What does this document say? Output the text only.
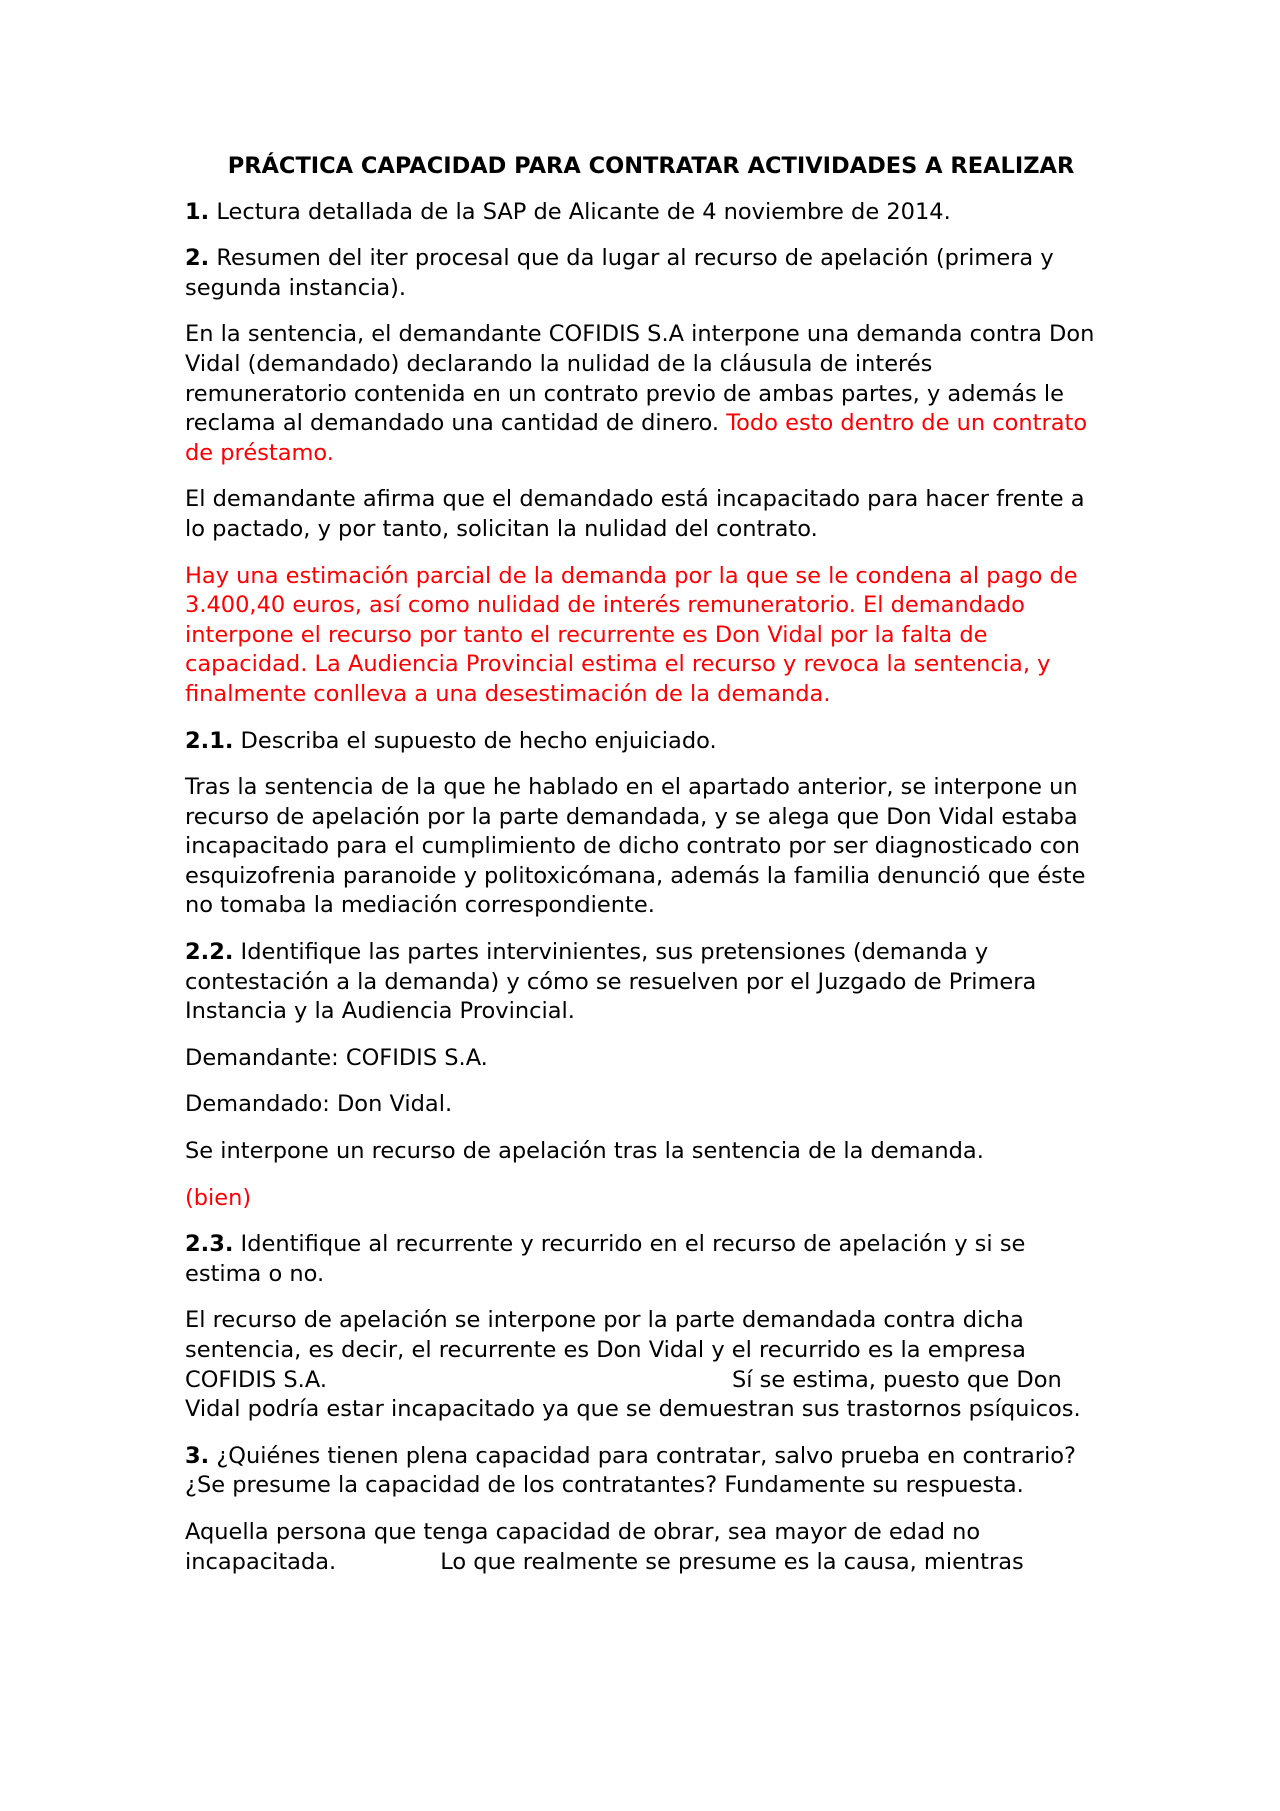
PRÁCTICA CAPACIDAD PARA CONTRATAR ACTIVIDADES A REALIZAR

1. Lectura detallada de la SAP de Alicante de 4 noviembre de 2014.

2. Resumen del iter procesal que da lugar al recurso de apelación (primera y segunda instancia).

En la sentencia, el demandante COFIDIS S.A interpone una demanda contra Don Vidal (demandado) declarando la nulidad de la cláusula de interés remuneratorio contenida en un contrato previo de ambas partes, y además le reclama al demandado una cantidad de dinero. Todo esto dentro de un contrato de préstamo.

El demandante afirma que el demandado está incapacitado para hacer frente a lo pactado, y por tanto, solicitan la nulidad del contrato.

Hay una estimación parcial de la demanda por la que se le condena al pago de 3.400,40 euros, así como nulidad de interés remuneratorio. El demandado interpone el recurso por tanto el recurrente es Don Vidal por la falta de capacidad. La Audiencia Provincial estima el recurso y revoca la sentencia, y finalmente conlleva a una desestimación de la demanda.

2.1. Describa el supuesto de hecho enjuiciado.

Tras la sentencia de la que he hablado en el apartado anterior, se interpone un recurso de apelación por la parte demandada, y se alega que Don Vidal estaba incapacitado para el cumplimiento de dicho contrato por ser diagnosticado con esquizofrenia paranoide y politoxicómana, además la familia denunció que éste no tomaba la mediación correspondiente.

2.2. Identifique las partes intervinientes, sus pretensiones (demanda y contestación a la demanda) y cómo se resuelven por el Juzgado de Primera Instancia y la Audiencia Provincial.

Demandante: COFIDIS S.A.

Demandado: Don Vidal.

Se interpone un recurso de apelación tras la sentencia de la demanda.

(bien)

2.3. Identifique al recurrente y recurrido en el recurso de apelación y si se estima o no.

El recurso de apelación se interpone por la parte demandada contra dicha sentencia, es decir, el recurrente es Don Vidal y el recurrido es la empresa COFIDIS S.A.	Sí se estima, puesto que Don Vidal podría estar incapacitado ya que se demuestran sus trastornos psíquicos.

3. ¿Quiénes tienen plena capacidad para contratar, salvo prueba en contrario? ¿Se presume la capacidad de los contratantes? Fundamente su respuesta.

Aquella persona que tenga capacidad de obrar, sea mayor de edad no incapacitada.	Lo que realmente se presume es la causa, mientras
